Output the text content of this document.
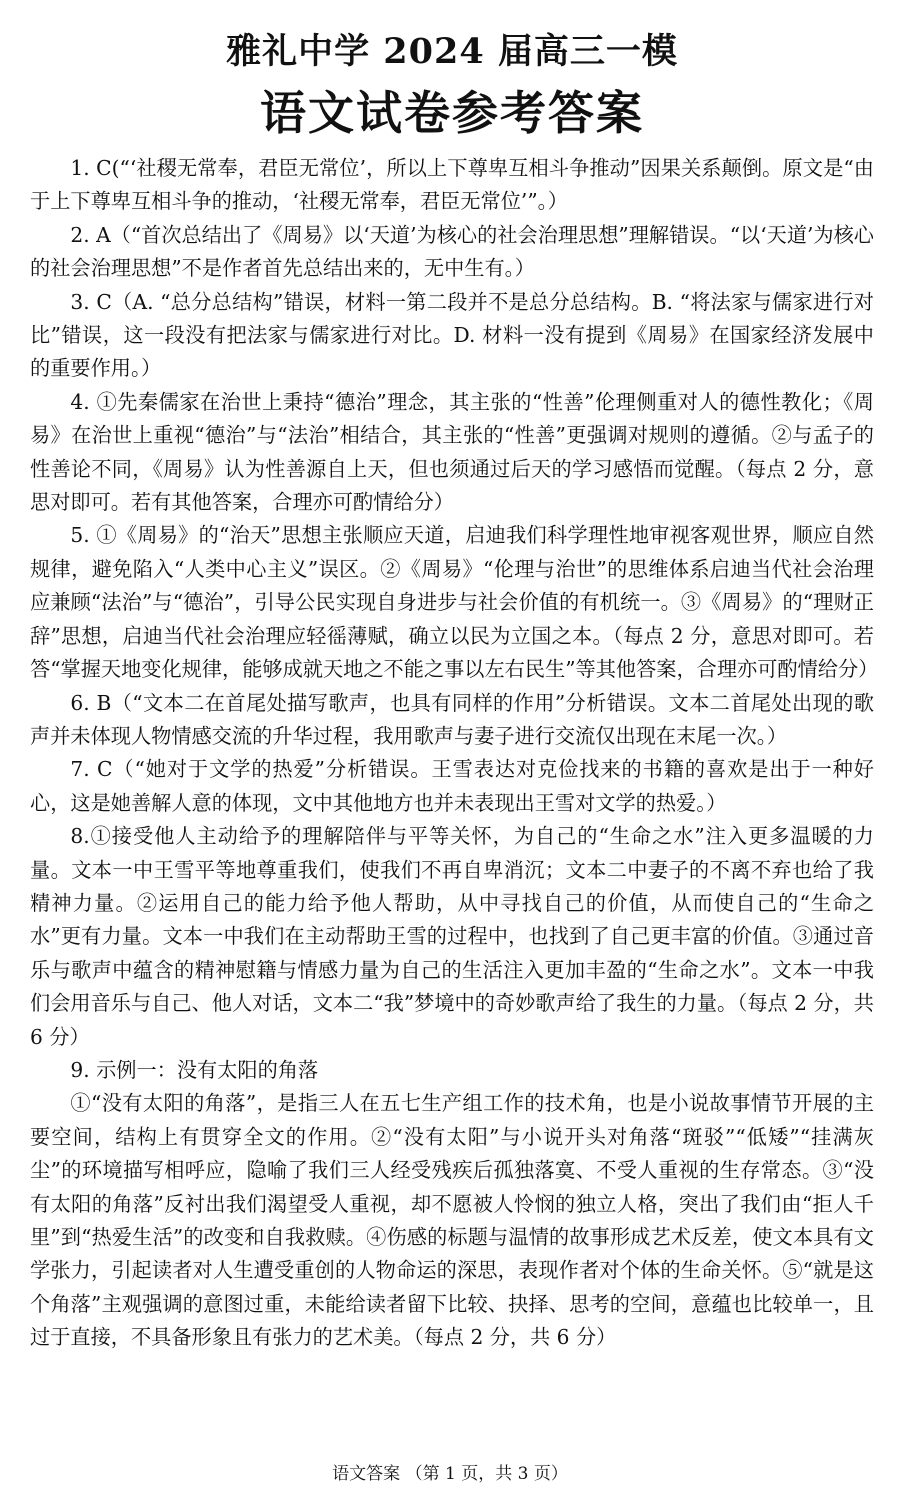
雅礼中学 2024 届高三一模
语文试卷参考答案

1. C(“‘社稷无常奉，君臣无常位’，所以上下尊卑互相斗争推动”因果关系颠倒。原文是“由于上下尊卑互相斗争的推动，‘社稷无常奉，君臣无常位’”。）

2. A（“首次总结出了《周易》以‘天道’为核心的社会治理思想”理解错误。“以‘天道’为核心的社会治理思想”不是作者首先总结出来的，无中生有。）

3. C（A. “总分总结构”错误，材料一第二段并不是总分总结构。B. “将法家与儒家进行对比”错误，这一段没有把法家与儒家进行对比。D. 材料一没有提到《周易》在国家经济发展中的重要作用。）

4. ①先秦儒家在治世上秉持“德治”理念，其主张的“性善”伦理侧重对人的德性教化；《周易》在治世上重视“德治”与“法治”相结合，其主张的“性善”更强调对规则的遵循。②与孟子的性善论不同，《周易》认为性善源自上天，但也须通过后天的学习感悟而觉醒。（每点 2 分，意思对即可。若有其他答案，合理亦可酌情给分）

5. ①《周易》的“治天”思想主张顺应天道，启迪我们科学理性地审视客观世界，顺应自然规律，避免陷入“人类中心主义”误区。②《周易》“伦理与治世”的思维体系启迪当代社会治理应兼顾“法治”与“德治”，引导公民实现自身进步与社会价值的有机统一。③《周易》的“理财正辞”思想，启迪当代社会治理应轻徭薄赋，确立以民为立国之本。（每点 2 分，意思对即可。若答“掌握天地变化规律，能够成就天地之不能之事以左右民生”等其他答案，合理亦可酌情给分）

6. B（“文本二在首尾处描写歌声，也具有同样的作用”分析错误。文本二首尾处出现的歌声并未体现人物情感交流的升华过程，我用歌声与妻子进行交流仅出现在末尾一次。）

7. C（“她对于文学的热爱”分析错误。王雪表达对克俭找来的书籍的喜欢是出于一种好心，这是她善解人意的体现，文中其他地方也并未表现出王雪对文学的热爱。）

8.①接受他人主动给予的理解陪伴与平等关怀，为自己的“生命之水”注入更多温暖的力量。文本一中王雪平等地尊重我们，使我们不再自卑消沉；文本二中妻子的不离不弃也给了我精神力量。②运用自己的能力给予他人帮助，从中寻找自己的价值，从而使自己的“生命之水”更有力量。文本一中我们在主动帮助王雪的过程中，也找到了自己更丰富的价值。③通过音乐与歌声中蕴含的精神慰籍与情感力量为自己的生活注入更加丰盈的“生命之水”。文本一中我们会用音乐与自己、他人对话，文本二“我”梦境中的奇妙歌声给了我生的力量。（每点 2 分，共 6 分）

9. 示例一：没有太阳的角落

①“没有太阳的角落”，是指三人在五七生产组工作的技术角，也是小说故事情节开展的主要空间，结构上有贯穿全文的作用。②“没有太阳”与小说开头对角落“斑驳”“低矮”“挂满灰尘”的环境描写相呼应，隐喻了我们三人经受残疾后孤独落寞、不受人重视的生存常态。③“没有太阳的角落”反衬出我们渴望受人重视，却不愿被人怜悯的独立人格，突出了我们由“拒人千里”到“热爱生活”的改变和自我救赎。④伤感的标题与温情的故事形成艺术反差，使文本具有文学张力，引起读者对人生遭受重创的人物命运的深思，表现作者对个体的生命关怀。⑤“就是这个角落”主观强调的意图过重，未能给读者留下比较、抉择、思考的空间，意蕴也比较单一，且过于直接，不具备形象且有张力的艺术美。（每点 2 分，共 6 分）

语文答案 （第 1 页，共 3 页）
